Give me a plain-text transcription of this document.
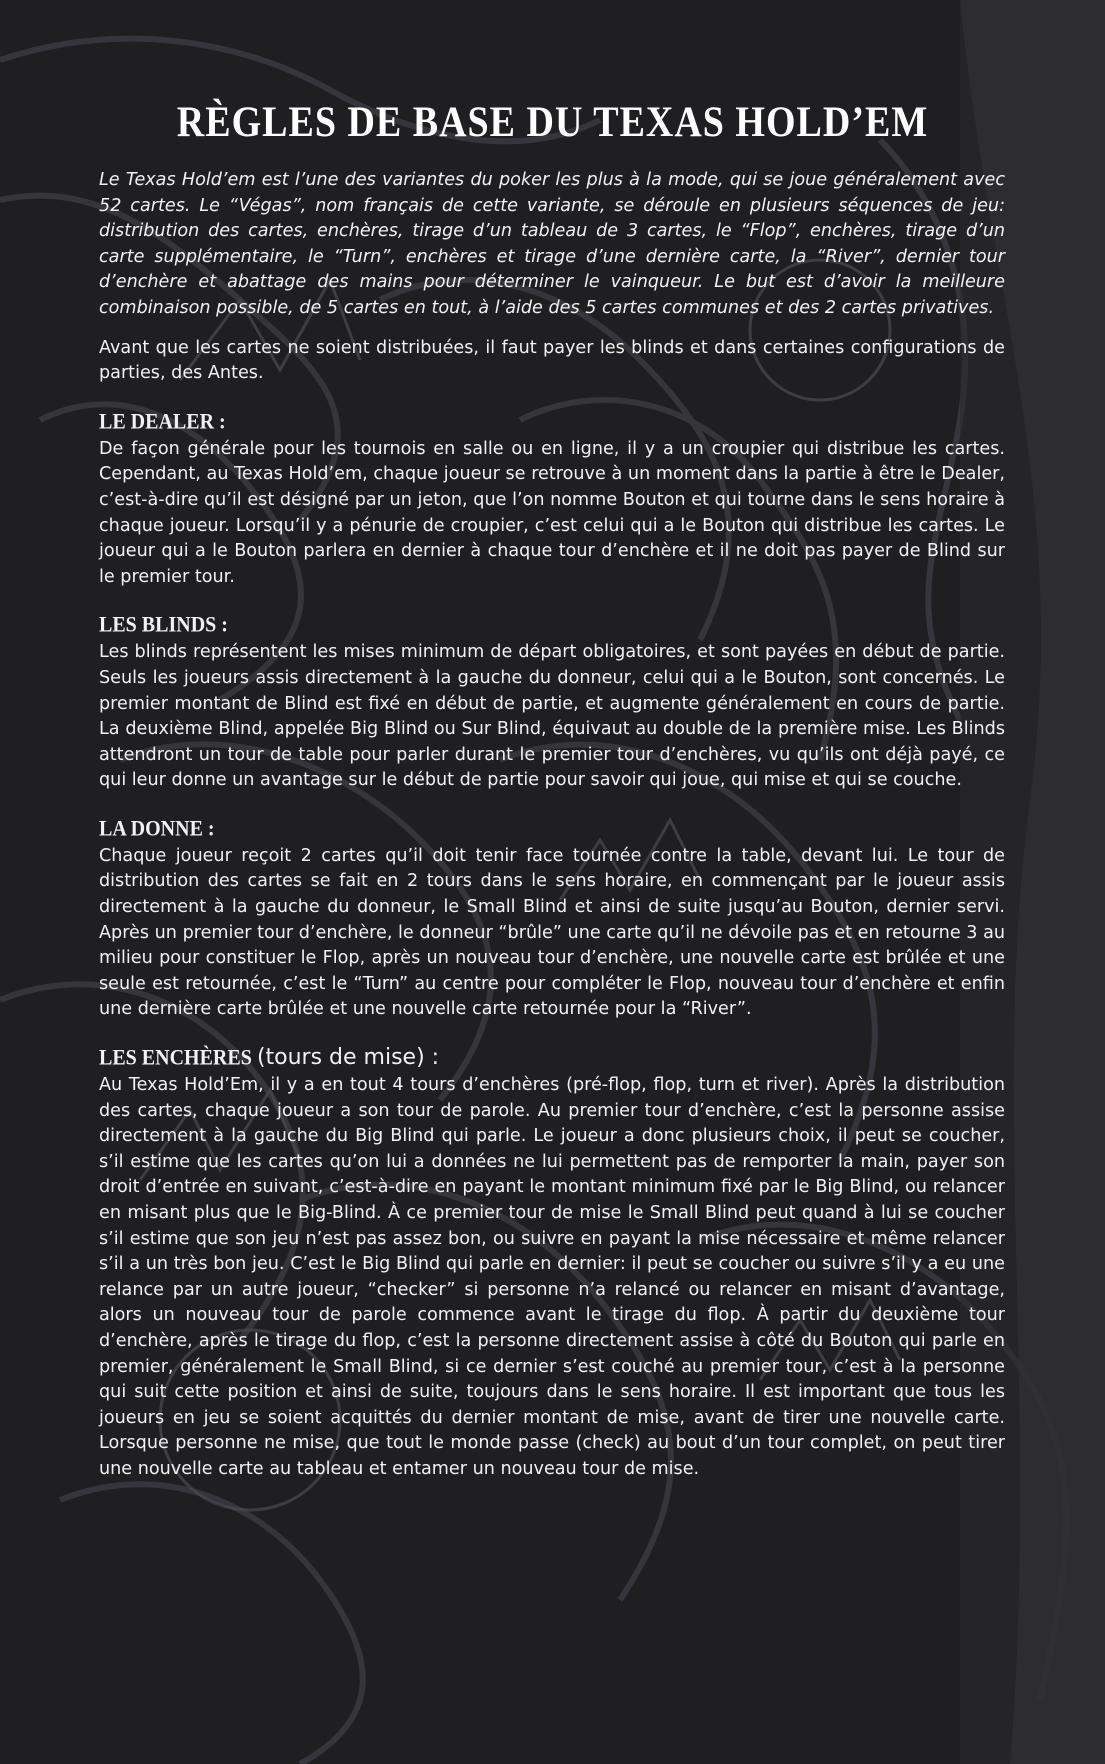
RÈGLES DE BASE DU TEXAS HOLD’EM

Le Texas Hold’em est l’une des variantes du poker les plus à la mode, qui se joue généralement avec 52 cartes. Le “Végas”, nom français de cette variante, se déroule en plusieurs séquences de jeu: distribution des cartes, enchères, tirage d’un tableau de 3 cartes, le “Flop”, enchères, tirage d’un carte supplémentaire, le “Turn”, enchères et tirage d’une dernière carte, la “River”, dernier tour d’enchère et abattage des mains pour déterminer le vainqueur. Le but est d’avoir la meilleure combinaison possible, de 5 cartes en tout, à l’aide des 5 cartes communes et des 2 cartes privatives.

Avant que les cartes ne soient distribuées, il faut payer les blinds et dans certaines configurations de parties, des Antes.

LE DEALER :

De façon générale pour les tournois en salle ou en ligne, il y a un croupier qui distribue les cartes. Cependant, au Texas Hold’em, chaque joueur se retrouve à un moment dans la partie à être le Dealer, c’est-à-dire qu’il est désigné par un jeton, que l’on nomme Bouton et qui tourne dans le sens horaire à chaque joueur. Lorsqu’il y a pénurie de croupier, c’est celui qui a le Bouton qui distribue les cartes. Le joueur qui a le Bouton parlera en dernier à chaque tour d’enchère et il ne doit pas payer de Blind sur le premier tour.

LES BLINDS :

Les blinds représentent les mises minimum de départ obligatoires, et sont payées en début de partie. Seuls les joueurs assis directement à la gauche du donneur, celui qui a le Bouton, sont concernés. Le premier montant de Blind est fixé en début de partie, et augmente généralement en cours de partie. La deuxième Blind, appelée Big Blind ou Sur Blind, équivaut au double de la première mise. Les Blinds attendront un tour de table pour parler durant le premier tour d’enchères, vu qu’ils ont déjà payé, ce qui leur donne un avantage sur le début de partie pour savoir qui joue, qui mise et qui se couche.

LA DONNE :

Chaque joueur reçoit 2 cartes qu’il doit tenir face tournée contre la table, devant lui. Le tour de distribution des cartes se fait en 2 tours dans le sens horaire, en commençant par le joueur assis directement à la gauche du donneur, le Small Blind et ainsi de suite jusqu’au Bouton, dernier servi. Après un premier tour d’enchère, le donneur “brûle” une carte qu’il ne dévoile pas et en retourne 3 au milieu pour constituer le Flop, après un nouveau tour d’enchère, une nouvelle carte est brûlée et une seule est retournée, c’est le “Turn” au centre pour compléter le Flop, nouveau tour d’enchère et enfin une dernière carte brûlée et une nouvelle carte retournée pour la “River”.

LES ENCHÈRES (tours de mise) :

Au Texas Hold’Em, il y a en tout 4 tours d’enchères (pré-flop, flop, turn et river). Après la distribution des cartes, chaque joueur a son tour de parole. Au premier tour d’enchère, c’est la personne assise directement à la gauche du Big Blind qui parle. Le joueur a donc plusieurs choix, il peut se coucher, s’il estime que les cartes qu’on lui a données ne lui permettent pas de remporter la main, payer son droit d’entrée en suivant, c’est-à-dire en payant le montant minimum fixé par le Big Blind, ou relancer en misant plus que le Big-Blind. À ce premier tour de mise le Small Blind peut quand à lui se coucher s’il estime que son jeu n’est pas assez bon, ou suivre en payant la mise nécessaire et même relancer s’il a un très bon jeu. C’est le Big Blind qui parle en dernier: il peut se coucher ou suivre s’il y a eu une relance par un autre joueur, “checker” si personne n’a relancé ou relancer en misant d’avantage, alors un nouveau tour de parole commence avant le tirage du flop. À partir du deuxième tour d’enchère, après le tirage du flop, c’est la personne directement assise à côté du Bouton qui parle en premier, généralement le Small Blind, si ce dernier s’est couché au premier tour, c’est à la personne qui suit cette position et ainsi de suite, toujours dans le sens horaire. Il est important que tous les joueurs en jeu se soient acquittés du dernier montant de mise, avant de tirer une nouvelle carte. Lorsque personne ne mise, que tout le monde passe (check) au bout d’un tour complet, on peut tirer une nouvelle carte au tableau et entamer un nouveau tour de mise.
